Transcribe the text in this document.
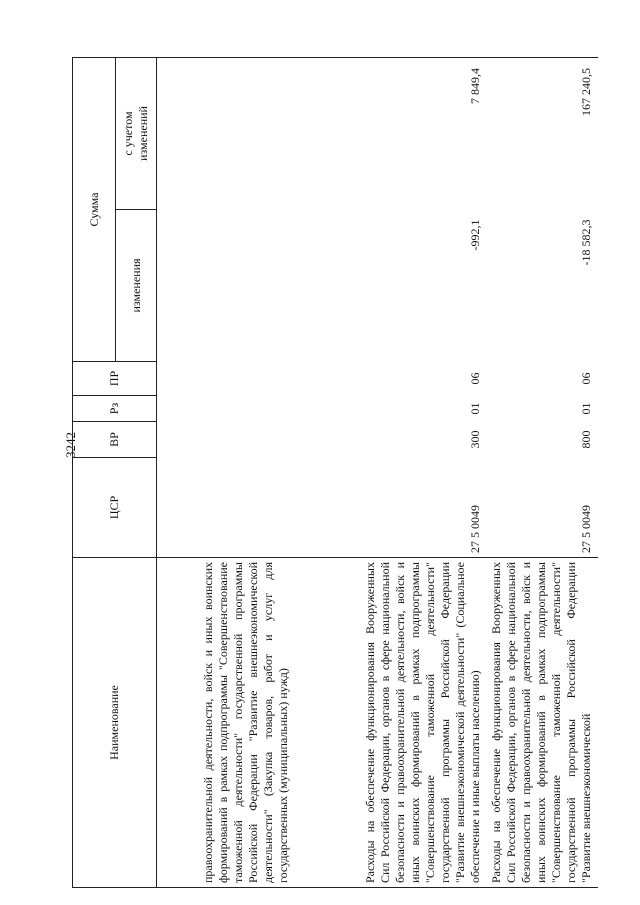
3242
Наименование	ЦСР	ВР	Рз	ПР	Сумма	
					изменения	с учетом изменений

правоохранительной деятельности, войск и иных воинских формирований в рамках подпрограммы "Совершенствование таможенной деятельности" государственной программы Российской Федерации "Развитие внешнеэкономической деятельности" (Закупка товаров, работ и услуг для государственных (муниципальных) нужд)						
Расходы на обеспечение функционирования Вооруженных Сил Российской Федерации, органов в сфере национальной безопасности и правоохранительной деятельности, войск и иных воинских формирований в рамках подпрограммы "Совершенствование таможенной деятельности" государственной программы Российской Федерации "Развитие внешнеэкономической деятельности" (Социальное обеспечение и иные выплаты населению)	27 5 0049	300	01	06	-992,1	7 849,4
Расходы на обеспечение функционирования Вооруженных Сил Российской Федерации, органов в сфере национальной безопасности и правоохранительной деятельности, войск и иных воинских формирований в рамках подпрограммы "Совершенствование таможенной деятельности" государственной программы Российской Федерации "Развитие внешнеэкономической	27 5 0049	800	01	06	-18 582,3	167 240,5
